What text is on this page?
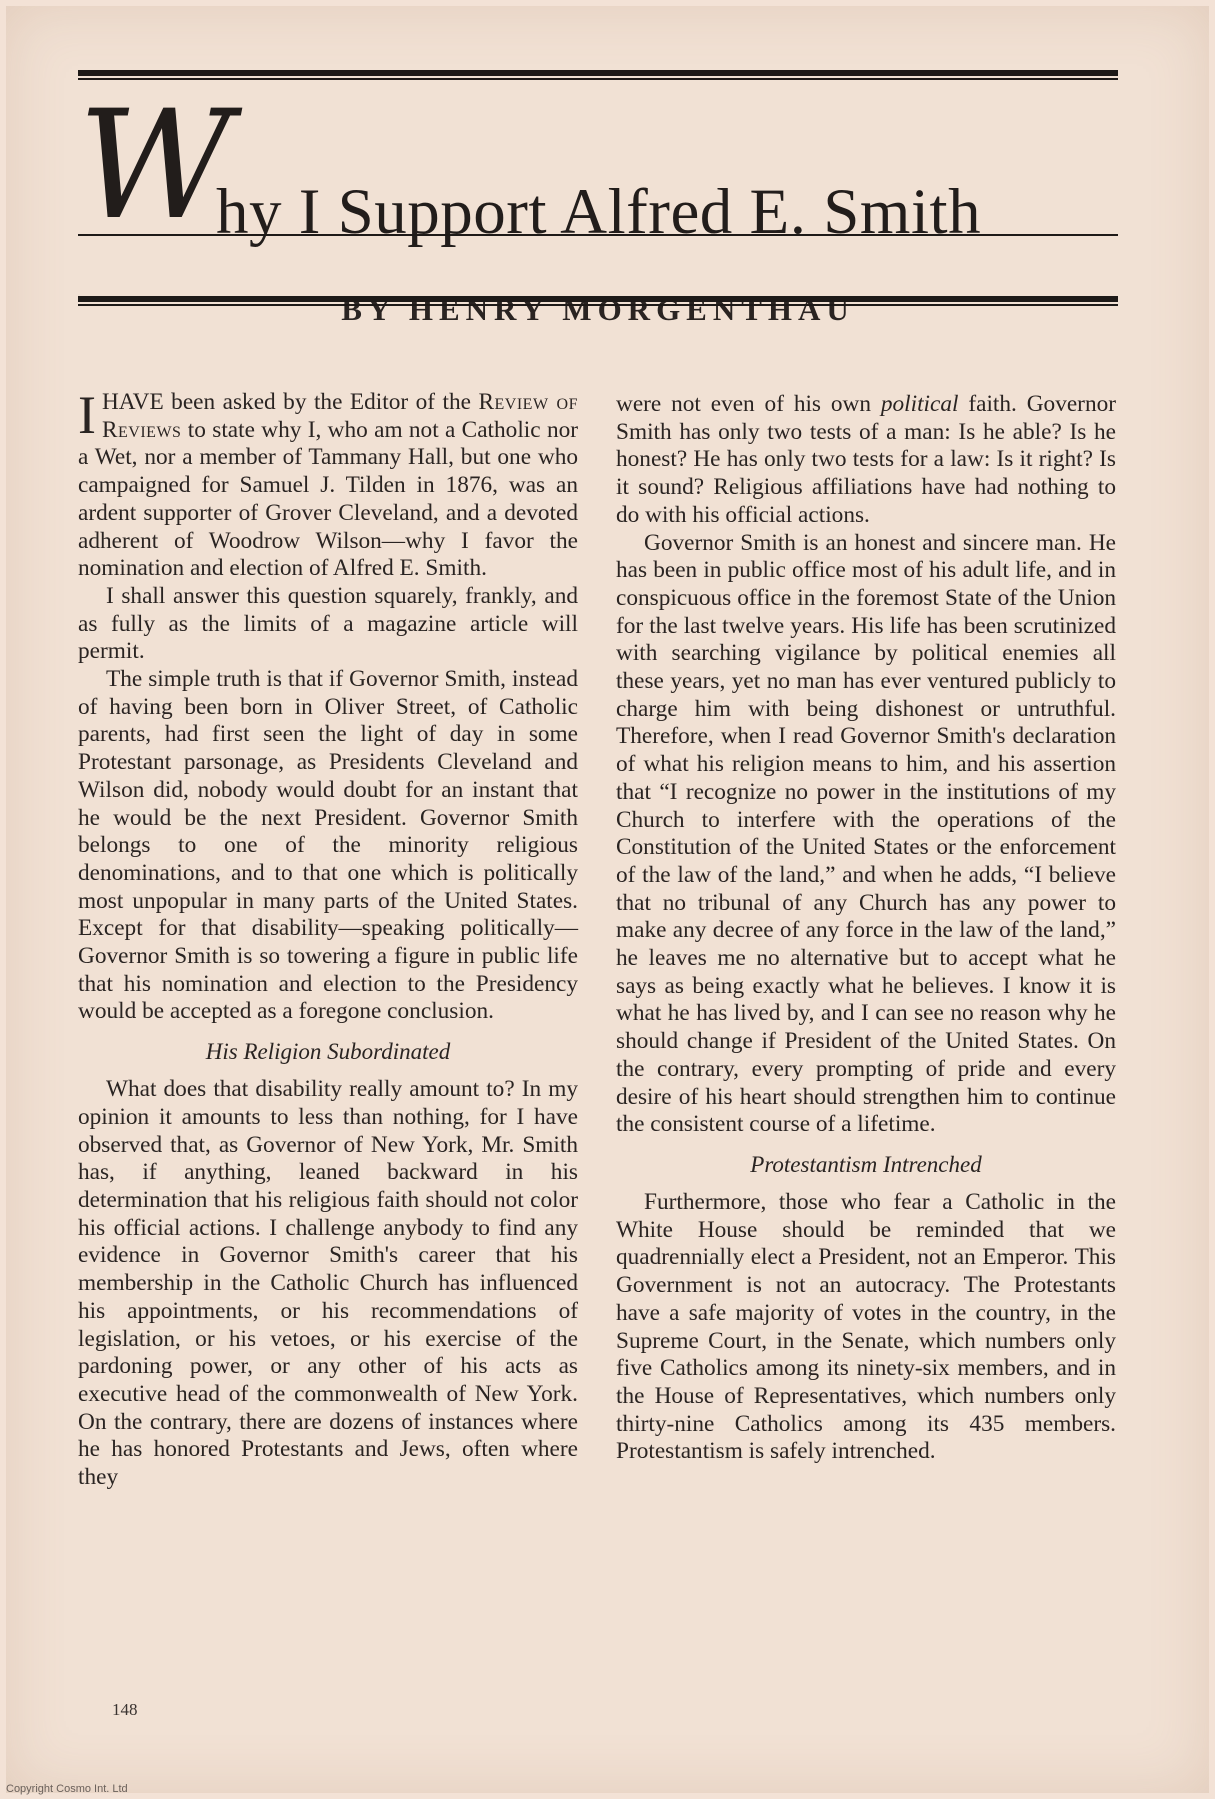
W
hy I Support Alfred E. Smith
BY HENRY MORGENTHAU

IHAVE been asked by the Editor of the Review of Reviews to state why I, who am not a Catholic nor a Wet, nor a member of Tammany Hall, but one who campaigned for Samuel J. Tilden in 1876, was an ardent supporter of Grover Cleveland, and a devoted adherent of Woodrow Wilson—why I favor the nomination and election of Alfred E. Smith.

I shall answer this question squarely, frankly, and as fully as the limits of a magazine article will permit.

The simple truth is that if Governor Smith, instead of having been born in Oliver Street, of Catholic parents, had first seen the light of day in some Protestant parsonage, as Presidents Cleveland and Wilson did, nobody would doubt for an instant that he would be the next President. Governor Smith belongs to one of the minority religious denominations, and to that one which is politically most unpopular in many parts of the United States. Except for that disability—speaking politically—Governor Smith is so towering a figure in public life that his nomination and election to the Presidency would be accepted as a foregone conclusion.

His Religion Subordinated

What does that disability really amount to? In my opinion it amounts to less than nothing, for I have observed that, as Governor of New York, Mr. Smith has, if anything, leaned backward in his determination that his religious faith should not color his official actions. I challenge anybody to find any evidence in Governor Smith's career that his membership in the Catholic Church has influenced his appointments, or his recommendations of legislation, or his vetoes, or his exercise of the pardoning power, or any other of his acts as executive head of the commonwealth of New York. On the contrary, there are dozens of instances where he has honored Protestants and Jews, often where they

were not even of his own political faith. Governor Smith has only two tests of a man: Is he able? Is he honest? He has only two tests for a law: Is it right? Is it sound? Religious affiliations have had nothing to do with his official actions.

Governor Smith is an honest and sincere man. He has been in public office most of his adult life, and in conspicuous office in the foremost State of the Union for the last twelve years. His life has been scrutinized with searching vigilance by political enemies all these years, yet no man has ever ventured publicly to charge him with being dishonest or untruthful. Therefore, when I read Governor Smith's declaration of what his religion means to him, and his assertion that “I recognize no power in the institutions of my Church to interfere with the operations of the Constitution of the United States or the enforcement of the law of the land,” and when he adds, “I believe that no tribunal of any Church has any power to make any decree of any force in the law of the land,” he leaves me no alternative but to accept what he says as being exactly what he believes. I know it is what he has lived by, and I can see no reason why he should change if President of the United States. On the contrary, every prompting of pride and every desire of his heart should strengthen him to continue the consistent course of a lifetime.

Protestantism Intrenched

Furthermore, those who fear a Catholic in the White House should be reminded that we quadrennially elect a President, not an Emperor. This Government is not an autocracy. The Protestants have a safe majority of votes in the country, in the Supreme Court, in the Senate, which numbers only five Catholics among its ninety-six members, and in the House of Representatives, which numbers only thirty-nine Catholics among its 435 members. Protestantism is safely intrenched.

148
Copyright Cosmo Int. Ltd
